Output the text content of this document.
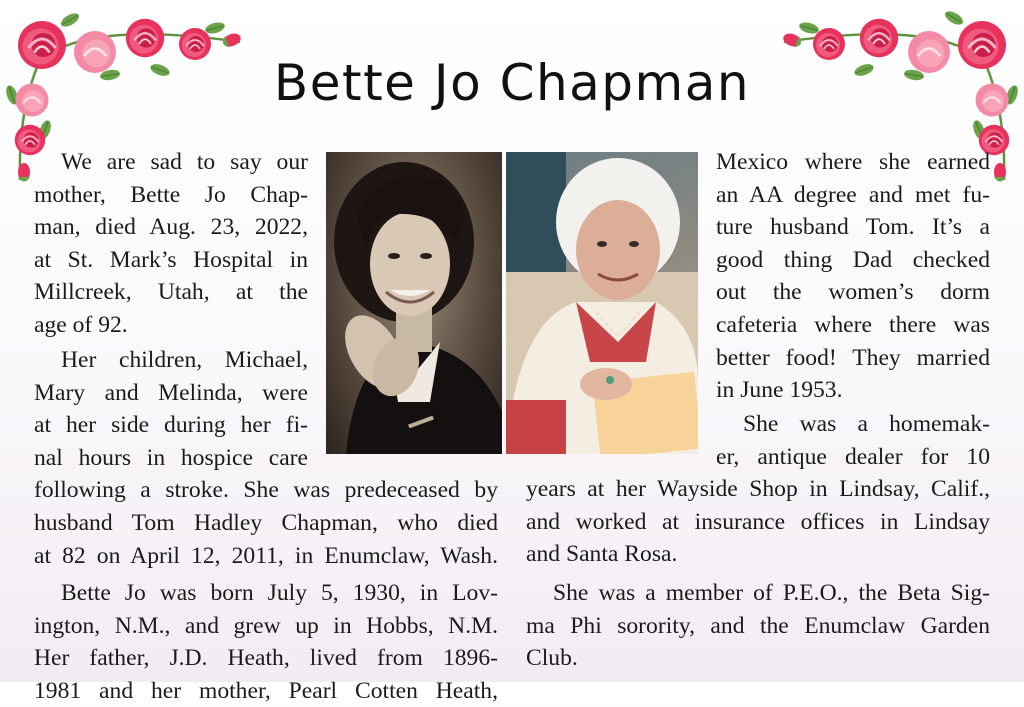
Bette Jo Chapman
We are sad to say our
mother, Bette Jo Chap-
man, died Aug. 23, 2022,
at St. Mark’s Hospital in
Millcreek, Utah, at the
age of 92.
Her children, Michael,
Mary and Melinda, were
at her side during her fi-
nal hours in hospice care
following a stroke. She was predeceased by
husband Tom Hadley Chapman, who died
at 82 on April 12, 2011, in Enumclaw, Wash.
Bette Jo was born July 5, 1930, in Lov-
ington, N.M., and grew up in Hobbs, N.M.
Her father, J.D. Heath, lived from 1896-
1981 and her mother, Pearl Cotten Heath,
Mexico where she earned
an AA degree and met fu-
ture husband Tom. It’s a
good thing Dad checked
out the women’s dorm
cafeteria where there was
better food! They married
in June 1953.
She was a homemak-
er, antique dealer for 10
years at her Wayside Shop in Lindsay, Calif.,
and worked at insurance offices in Lindsay
and Santa Rosa.
She was a member of P.E.O., the Beta Sig-
ma Phi sorority, and the Enumclaw Garden
Club.
